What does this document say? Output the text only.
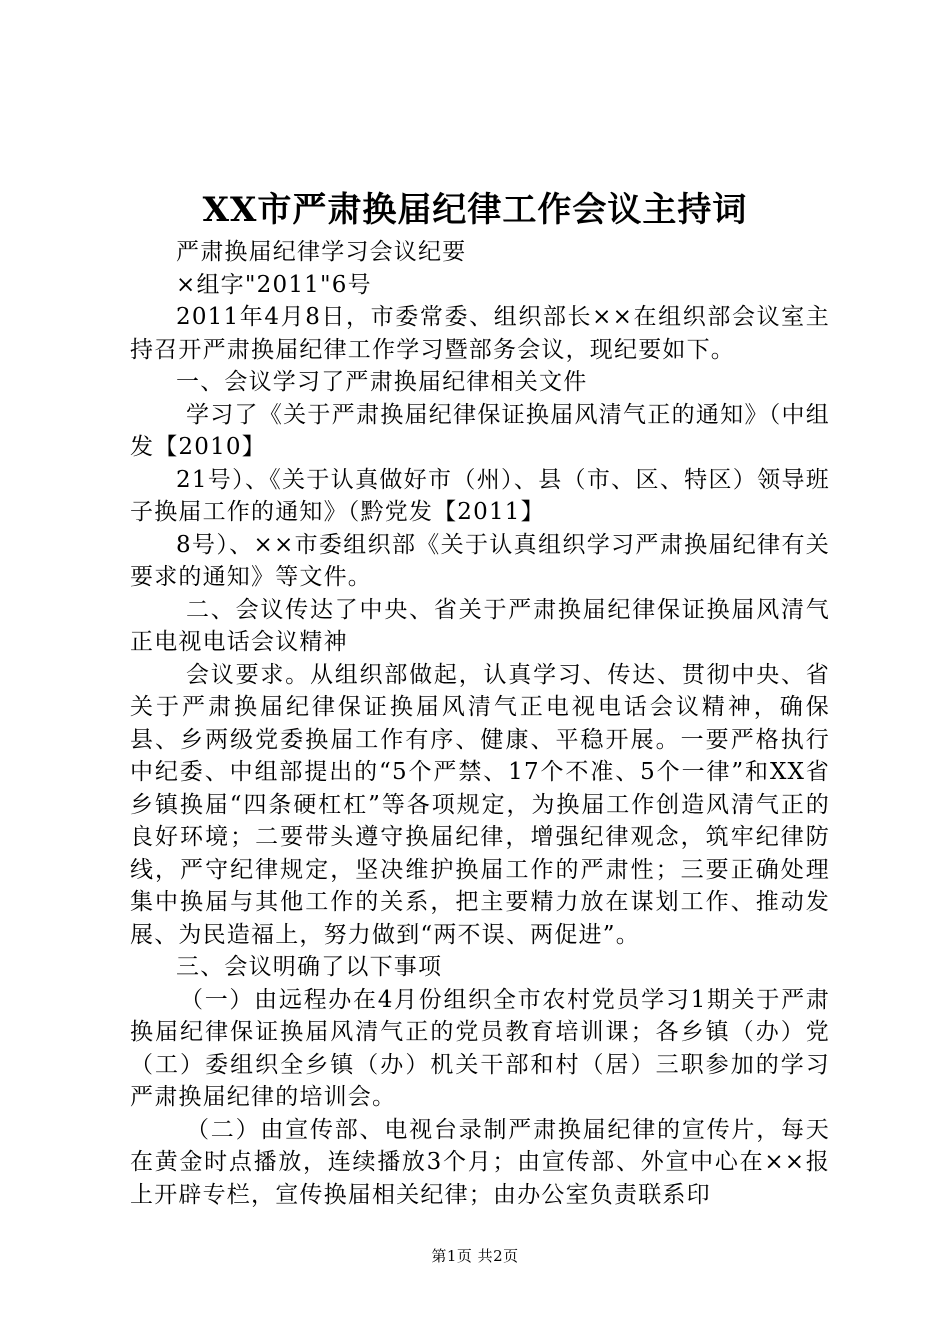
XX市严肃换届纪律工作会议主持词

严肃换届纪律学习会议纪要

×组字"2011"6号

2011年4月8日，市委常委、组织部长××在组织部会议室主持召开严肃换届纪律工作学习暨部务会议，现纪要如下。

一、会议学习了严肃换届纪律相关文件

学习了《关于严肃换届纪律保证换届风清气正的通知》（中组发【2010】

21号）、《关于认真做好市（州）、县（市、区、特区）领导班子换届工作的通知》（黔党发【2011】

8号）、××市委组织部《关于认真组织学习严肃换届纪律有关要求的通知》等文件。

二、会议传达了中央、省关于严肃换届纪律保证换届风清气正电视电话会议精神

会议要求。从组织部做起，认真学习、传达、贯彻中央、省关于严肃换届纪律保证换届风清气正电视电话会议精神，确保县、乡两级党委换届工作有序、健康、平稳开展。一要严格执行中纪委、中组部提出的“5个严禁、17个不准、5个一律”和XX省乡镇换届“四条硬杠杠”等各项规定，为换届工作创造风清气正的良好环境；二要带头遵守换届纪律，增强纪律观念，筑牢纪律防线，严守纪律规定，坚决维护换届工作的严肃性；三要正确处理集中换届与其他工作的关系，把主要精力放在谋划工作、推动发展、为民造福上，努力做到“两不误、两促进”。

三、会议明确了以下事项

（一）由远程办在4月份组织全市农村党员学习1期关于严肃换届纪律保证换届风清气正的党员教育培训课；各乡镇（办）党（工）委组织全乡镇（办）机关干部和村（居）三职参加的学习严肃换届纪律的培训会。

（二）由宣传部、电视台录制严肃换届纪律的宣传片，每天在黄金时点播放，连续播放3个月；由宣传部、外宣中心在××报上开辟专栏，宣传换届相关纪律；由办公室负责联系印

第1页 共2页
